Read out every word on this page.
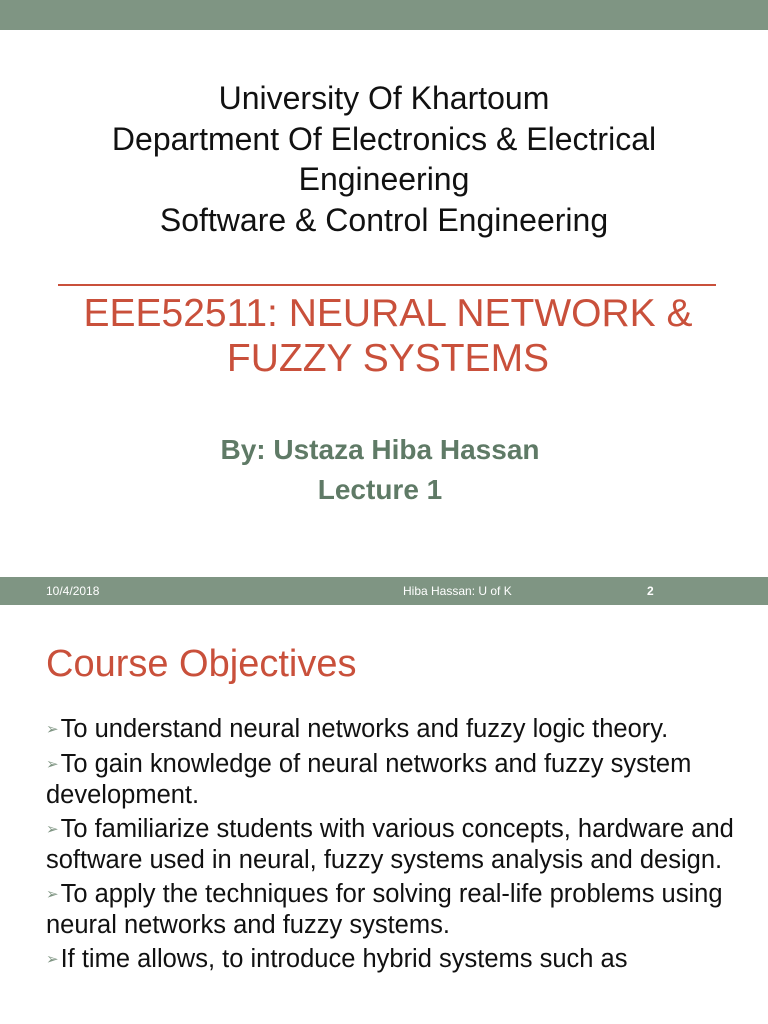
University Of Khartoum
Department Of Electronics & Electrical
Engineering
Software & Control Engineering
EEE52511: NEURAL NETWORK &
FUZZY SYSTEMS
By: Ustaza Hiba Hassan
Lecture 1
10/4/2018	Hiba Hassan: U of K	2
Course Objectives
➢To understand neural networks and fuzzy logic theory.
➢To gain knowledge of neural networks and fuzzy system development.
➢To familiarize students with various concepts, hardware and software used in neural, fuzzy systems analysis and design.
➢To apply the techniques for solving real-life problems using neural networks and fuzzy systems.
➢If time allows, to introduce hybrid systems such as
